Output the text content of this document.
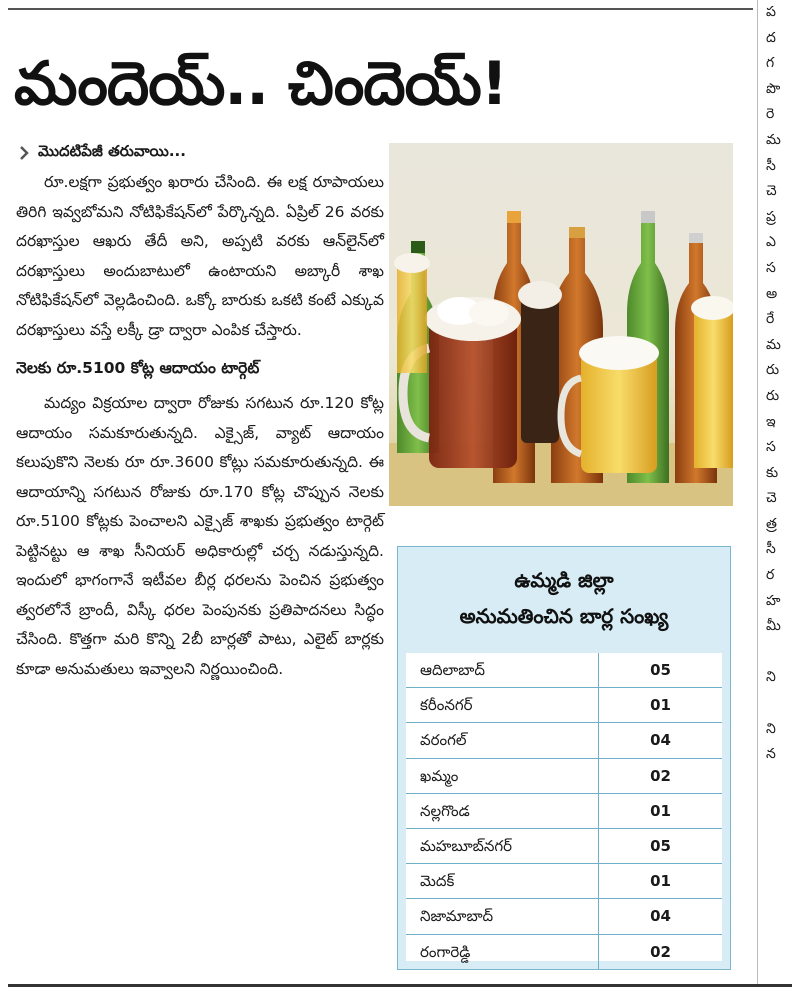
మందెయ్‌.. చిందెయ్‌!
మొదటిపేజీ తరువాయి...

రూ.లక్షగా ప్రభుత్వం ఖరారు చేసింది. ఈ లక్ష రూపాయలు తిరిగి ఇవ్వబోమని నోటిఫికేషన్‌లో పేర్కొన్నది. ఏప్రిల్‌ 26 వరకు దరఖాస్తుల ఆఖరు తేదీ అని, అప్పటి వరకు ఆన్‌లైన్‌లో దరఖాస్తులు అందుబాటులో ఉంటాయని అబ్కారీ శాఖ నోటిఫికేషన్‌లో వెల్లడించింది. ఒక్కో బారుకు ఒకటి కంటే ఎక్కువ దరఖాస్తులు వస్తే లక్కీ డ్రా ద్వారా ఎంపిక చేస్తారు.

నెలకు రూ.5100 కోట్ల ఆదాయం టార్గెట్‌

మద్యం విక్రయాల ద్వారా రోజుకు సగటున రూ.120 కోట్ల ఆదాయం సమకూరుతున్నది. ఎక్సైజ్‌, వ్యాట్‌ ఆదాయం కలుపుకొని నెలకు రూ రూ.3600 కోట్లు సమకూరుతున్నది. ఈ ఆదాయాన్ని సగటున రోజుకు రూ.170 కోట్ల చొప్పున నెలకు రూ.5100 కోట్లకు పెంచాలని ఎక్సైజ్‌ శాఖకు ప్రభుత్వం టార్గెట్‌ పెట్టినట్టు ఆ శాఖ సీనియర్‌ అధికారుల్లో చర్చ నడుస్తున్నది. ఇందులో భాగంగానే ఇటీవల బీర్ల ధరలను పెంచిన ప్రభుత్వం త్వరలోనే బ్రాందీ, విస్కీ ధరల పెంపునకు ప్రతిపాదనలు సిద్ధం చేసింది. కొత్తగా మరి కొన్ని 2బీ బార్లతో పాటు, ఎలైట్‌ బార్లకు కూడా అనుమతులు ఇవ్వాలని నిర్ణయించింది.

ఉమ్మడి జిల్లా
అనుమతించిన బార్ల సంఖ్య
ఆదిలాబాద్‌	05
కరీంనగర్‌	01
వరంగల్‌	04
ఖమ్మం	02
నల్లగొండ	01
మహబూబ్‌నగర్‌	05
మెదక్‌	01
నిజామాబాద్‌	04
రంగారెడ్డి	02
ప
ద
గ
పొ
రె
మ
సీ
చె
ప్ర
ఎ
స
అ
రే
మ
రు
రు
ఇ
స
కు
చె
త్ర
సీ
ర
హ
మీ

ని

ని
న
